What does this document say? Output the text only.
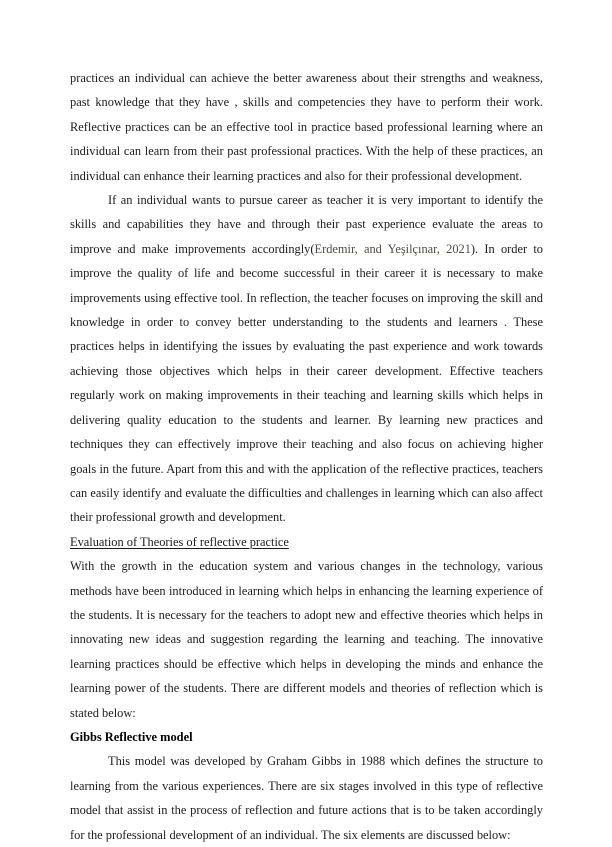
practices an individual can achieve the better awareness about their strengths and weakness, past knowledge that they have , skills and competencies they have to perform their work. Reflective practices can be an effective tool in practice based professional learning where an individual can learn from their past professional practices. With the help of these practices, an individual can enhance their learning practices and also for their professional development.

If an individual wants to pursue career as teacher it is very important to identify the skills and capabilities they have and through their past experience evaluate the areas to improve and make improvements accordingly(Erdemir, and Yeşilçınar, 2021). In order to improve the quality of life and become successful in their career it is necessary to make improvements using effective tool. In reflection, the teacher focuses on improving the skill and knowledge in order to convey better understanding to the students and learners . These practices helps in identifying the issues by evaluating the past experience and work towards achieving those objectives which helps in their career development. Effective teachers regularly work on making improvements in their teaching and learning skills which helps in delivering quality education to the students and learner. By learning new practices and techniques they can effectively improve their teaching and also focus on achieving higher goals in the future. Apart from this and with the application of the reflective practices, teachers can easily identify and evaluate the difficulties and challenges in learning which can also affect their professional growth and development.

Evaluation of Theories of reflective practice

With the growth in the education system and various changes in the technology, various methods have been introduced in learning which helps in enhancing the learning experience of the students. It is necessary for the teachers to adopt new and effective theories which helps in innovating new ideas and suggestion regarding the learning and teaching. The innovative learning practices should be effective which helps in developing the minds and enhance the learning power of the students. There are different models and theories of reflection which is stated below:

Gibbs Reflective model

This model was developed by Graham Gibbs in 1988 which defines the structure to learning from the various experiences. There are six stages involved in this type of reflective model that assist in the process of reflection and future actions that is to be taken accordingly for the professional development of an individual. The six elements are discussed below:
